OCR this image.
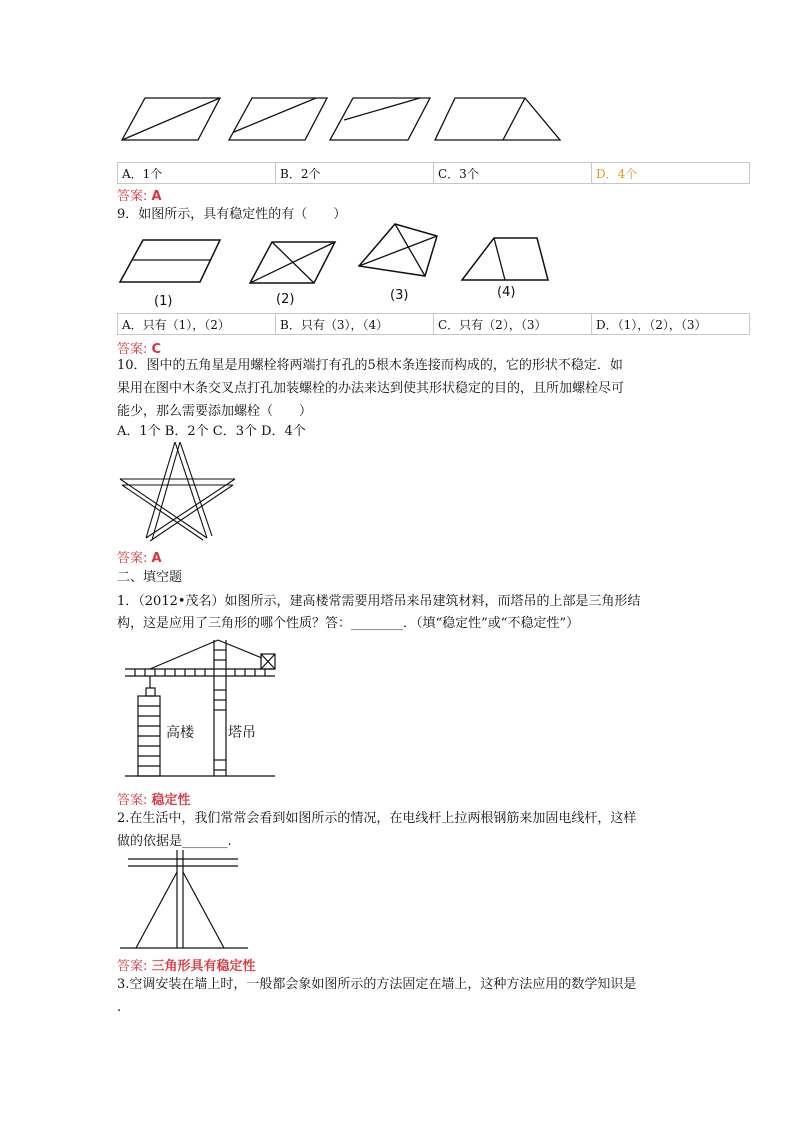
A．1个	B．2个	C．3个	D．4个
答案: A
9．如图所示，具有稳定性的有（　　）
(1)	(2)	(3)	(4)
A．只有（1），（2）	B．只有（3），（4）	C．只有（2），（3）	D．（1），（2），（3）
答案: C
10．图中的五角星是用螺栓将两端打有孔的5根木条连接而构成的，它的形状不稳定．如
果用在图中木条交叉点打孔加装螺栓的办法来达到使其形状稳定的目的，且所加螺栓尽可
能少，那么需要添加螺栓（　　）
A．1个 B．2个 C．3个 D．4个
答案: A
二、填空题
1．（2012•茂名）如图所示，建高楼常需要用塔吊来吊建筑材料，而塔吊的上部是三角形结
构，这是应用了三角形的哪个性质？答：________．（填“稳定性”或“不稳定性”）
高楼 塔吊
答案: 稳定性
2.在生活中，我们常常会看到如图所示的情况，在电线杆上拉两根钢筋来加固电线杆，这样
做的依据是_______.
答案: 三角形具有稳定性
3.空调安装在墙上时，一般都会象如图所示的方法固定在墙上，这种方法应用的数学知识是
.
